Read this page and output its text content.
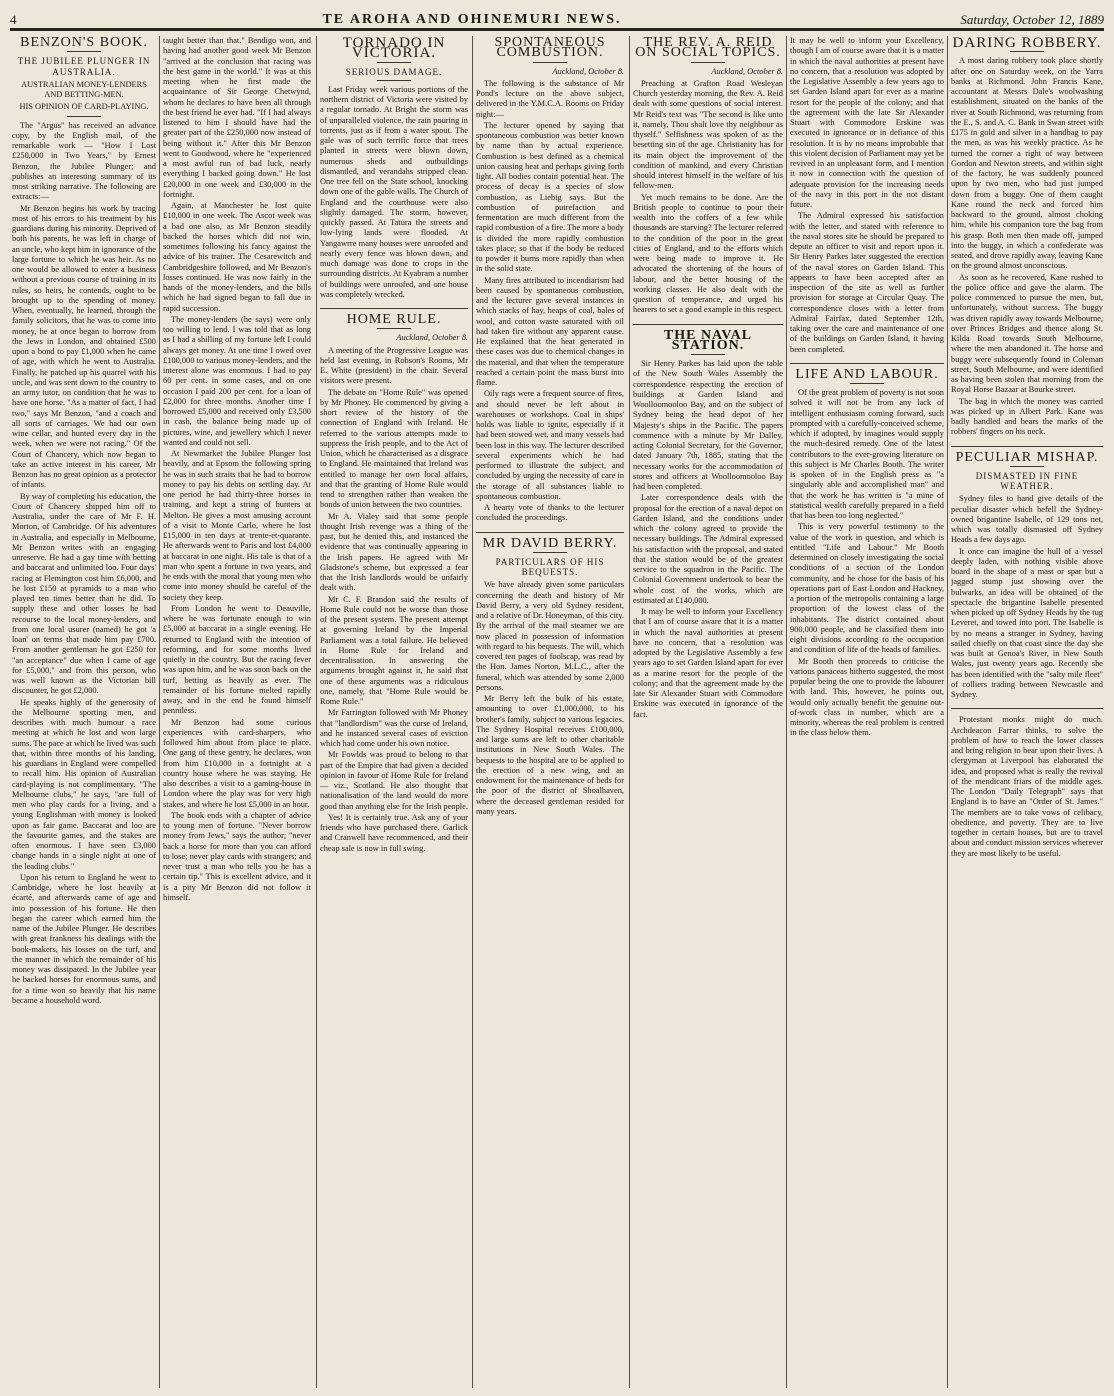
4	TE AROHA AND OHINEMURI NEWS.	Saturday, October 12, 1889
BENZON'S BOOK.
THE JUBILEE PLUNGER IN AUSTRALIA.
AUSTRALIAN MONEY-LENDERS AND BETTING-MEN.
HIS OPINION OF CARD-PLAYING.

The "Argus" has received an advance copy, by the English mail, of the remarkable work — "How I Lost £250,000 in Two Years," by Ernest Benzon, the Jubilee Plunger; and publishes an interesting summary of its most striking narrative. The following are extracts:—

Mr Benzon begins his work by tracing most of his errors to his treatment by his guardians during his minority. Deprived of both his parents, he was left in charge of an uncle, who kept him in ignorance of the large fortune to which he was heir. As no one would be allowed to enter a business without a previous course of training in its rules, so heirs, he contends, ought to be brought up to the spending of money. When, eventually, he learned, through the family solicitors, that he was to come into money, he at once began to borrow from the Jews in London, and obtained £500 upon a bond to pay £1,000 when he came of age, with which he went to Australia. Finally, he patched up his quarrel with his uncle, and was sent down to the country to an army tutor, on condition that he was to have one horse. "As a matter of fact, I had two," says Mr Benzon, "and a coach and all sorts of carriages. We had our own wine cellar, and hunted every day in the week, when we were not racing." Of the Court of Chancery, which now began to take an active interest in his career, Mr Benzon has no great opinion as a protector of infants.

By way of completing his education, the Court of Chancery shipped him off to Australia, under the care of Mr F. H. Morton, of Cambridge. Of his adventures in Australia, and especially in Melbourne, Mr Benzon writes with an engaging unreserve. He had a gay time with betting and baccarat and unlimited loo. Four days' racing at Flemington cost him £6,000, and he lost £150 at pyramids to a man who played ten times better than he did. To supply these and other losses he had recourse to the local money-lenders, and from one local usurer (named) he got 'a loan' on terms that made him pay £700. From another gentleman he got £250 for "an acceptance" due when I came of age for £5,000," and from this person, who was well known as the Victorian bill discounter, he got £2,000.

He speaks highly of the generosity of the Melbourne sporting men, and describes with much humour a race meeting at which he lost and won large sums. The pace at which he lived was such that, within three months of his landing, his guardians in England were compelled to recall him. His opinion of Australian card-playing is not complimentary. "The Melbourne clubs," he says, "are full of men who play cards for a living, and a young Englishman with money is looked upon as fair game. Baccarat and loo are the favourite games, and the stakes are often enormous. I have seen £3,000 change hands in a single night at one of the leading clubs."

Upon his return to England he went to Cambridge, where he lost heavily at écarté, and afterwards came of age and into possession of his fortune. He then began the career which earned him the name of the Jubilee Plunger. He describes with great frankness his dealings with the book-makers, his losses on the turf, and the manner in which the remainder of his money was dissipated. In the Jubilee year he backed horses for enormous sums, and for a time won so heavily that his name became a household word.

taught better than that." Bendigo won, and having had another good week Mr Benzon "arrived at the conclusion that racing was the best game in the world." It was at this meeting when he first made the acquaintance of Sir George Chetwynd, whom he declares to have been all through the best friend he ever had. "If I had always listened to him I should have had the greater part of the £250,000 now instead of being without it." After this Mr Benzon went to Goodwood, where he "experienced a most awful run of bad luck, nearly everything I backed going down." He lost £20,000 in one week and £30,000 in the fortnight.

Again, at Manchester he lost quite £10,000 in one week. The Ascot week was a bad one also, as Mr Benzon steadily backed the horses which did not win, sometimes following his fancy against the advice of his trainer. The Cesarewitch and Cambridgeshire followed, and Mr Benzon's losses continued. He was now fairly in the hands of the money-lenders, and the bills which he had signed began to fall due in rapid succession.

The money-lenders (he says) were only too willing to lend. I was told that as long as I had a shilling of my fortune left I could always get money. At one time I owed over £100,000 to various money-lenders, and the interest alone was enormous. I had to pay 60 per cent. in some cases, and on one occasion I paid 200 per cent. for a loan of £2,000 for three months. Another time I borrowed £5,000 and received only £3,500 in cash, the balance being made up of pictures, wine, and jewellery which I never wanted and could not sell.

At Newmarket the Jubilee Plunger lost heavily, and at Epsom the following spring he was in such straits that he had to borrow money to pay his debts on settling day. At one period he had thirty-three horses in training, and kept a string of hunters at Melton. He gives a most amusing account of a visit to Monte Carlo, where he lost £15,000 in ten days at trente-et-quarante. He afterwards went to Paris and lost £4,000 at baccarat in one night. His tale is that of a man who spent a fortune in two years, and he ends with the moral that young men who come into money should be careful of the society they keep.

From London he went to Deauville, where he was fortunate enough to win £5,000 at baccarat in a single evening. He returned to England with the intention of reforming, and for some months lived quietly in the country. But the racing fever was upon him, and he was soon back on the turf, betting as heavily as ever. The remainder of his fortune melted rapidly away, and in the end he found himself penniless.

Mr Benzon had some curious experiences with card-sharpers, who followed him about from place to place. One gang of these gentry, he declares, won from him £10,000 in a fortnight at a country house where he was staying. He also describes a visit to a gaming-house in London where the play was for very high stakes, and where he lost £5,000 in an hour.

The book ends with a chapter of advice to young men of fortune. "Never borrow money from Jews," says the author; "never back a horse for more than you can afford to lose; never play cards with strangers; and never trust a man who tells you he has a certain tip." This is excellent advice, and it is a pity Mr Benzon did not follow it himself.

TORNADO IN VICTORIA.
SERIOUS DAMAGE.

Last Friday week various portions of the northern district of Victoria were visited by a regular tornado. At Bright the storm was of unparalleled violence, the rain pouring in torrents, just as if from a water spout. The gale was of such terrific force that trees planted in streets were blown down, numerous sheds and outbuildings dismantled, and verandahs stripped clean. One tree fell on the State school, knocking down one of the gable walls. The Church of England and the courthouse were also slightly damaged. The storm, however, quickly passed. At Tatura the streets and low-lying lands were flooded. At Yangawrre many houses were unroofed and nearly every fence was blown down, and much damage was done to crops in the surrounding districts. At Kyabram a number of buildings were unroofed, and one house was completely wrecked.

HOME RULE.
Auckland, October 8.

A meeting of the Progressive League was held last evening, in Robson's Rooms, Mr E. White (president) in the chair. Several visitors were present.

The debate on "Home Rule" was opened by Mr Phoney. He commenced by giving a short review of the history of the connection of England with Ireland. He referred to the various attempts made to suppress the Irish people, and to the Act of Union, which he characterised as a disgrace to England. He maintained that Ireland was entitled to manage her own local affairs, and that the granting of Home Rule would tend to strengthen rather than weaken the bonds of union between the two countries.

Mr A. Vialey said that some people thought Irish revenge was a thing of the past, but he denied this, and instanced the evidence that was continually appearing in the Irish papers. He agreed with Mr Gladstone's scheme, but expressed a fear that the Irish landlords would be unfairly dealt with.

Mr C. F. Brandon said the results of Home Rule could not be worse than those of the present system. The present attempt at governing Ireland by the Imperial Parliament was a total failure. He believed in Home Rule for Ireland and decentralisation. In answering the arguments brought against it, he said that one of these arguments was a ridiculous one, namely, that "Home Rule would be Rome Rule."

Mr Farrington followed with Mr Phoney that "landlordism" was the curse of Ireland, and he instanced several cases of eviction which had come under his own notice.

Mr Fowlds was proud to belong to that part of the Empire that had given a decided opinion in favour of Home Rule for Ireland — viz., Scotland. He also thought that nationalisation of the land would do more good than anything else for the Irish people.

Yes! It is certainly true. Ask any of your friends who have purchased there. Garlick and Cranwell have recommenced, and their cheap sale is now in full swing.

SPONTANEOUS COMBUSTION.
Auckland, October 8.

The following is the substance of Mr Pond's lecture on the above subject, delivered in the Y.M.C.A. Rooms on Friday night:—

The lecturer opened by saying that spontaneous combustion was better known by name than by actual experience. Combustion is best defined as a chemical union causing heat and perhaps giving forth light. All bodies contain potential heat. The process of decay is a species of slow combustion, as Liebig says. But the combustion of putrefaction and fermentation are much different from the rapid combustion of a fire. The more a body is divided the more rapidly combustion takes place; so that if the body be reduced to powder it burns more rapidly than when in the solid state.

Many fires attributed to incendiarism had been caused by spontaneous combustion, and the lecturer gave several instances in which stacks of hay, heaps of coal, bales of wool, and cotton waste saturated with oil had taken fire without any apparent cause. He explained that the heat generated in these cases was due to chemical changes in the material, and that when the temperature reached a certain point the mass burst into flame.

Oily rags were a frequent source of fires, and should never be left about in warehouses or workshops. Coal in ships' holds was liable to ignite, especially if it had been stowed wet, and many vessels had been lost in this way. The lecturer described several experiments which he had performed to illustrate the subject, and concluded by urging the necessity of care in the storage of all substances liable to spontaneous combustion.

A hearty vote of thanks to the lecturer concluded the proceedings.

MR DAVID BERRY.
PARTICULARS OF HIS BEQUESTS.

We have already given some particulars concerning the death and history of Mr David Berry, a very old Sydney resident, and a relative of Dr. Honeyman, of this city. By the arrival of the mail steamer we are now placed in possession of information with regard to his bequests. The will, which covered ten pages of foolscap, was read by the Hon. James Norton, M.L.C., after the funeral, which was attended by some 2,000 persons.

Mr Berry left the bulk of his estate, amounting to over £1,000,000, to his brother's family, subject to various legacies. The Sydney Hospital receives £100,000, and large sums are left to other charitable institutions in New South Wales. The bequests to the hospital are to be applied to the erection of a new wing, and an endowment for the maintenance of beds for the poor of the district of Shoalhaven, where the deceased gentleman resided for many years.

THE REV. A. REID ON SOCIAL TOPICS.
Auckland, October 8.

Preaching at Grafton Road Wesleyan Church yesterday morning, the Rev. A. Reid dealt with some questions of social interest. Mr Reid's text was "The second is like unto it, namely, Thou shalt love thy neighbour as thyself." Selfishness was spoken of as the besetting sin of the age. Christianity has for its main object the improvement of the condition of mankind, and every Christian should interest himself in the welfare of his fellow-men.

Yet much remains to be done. Are the British people to continue to pour their wealth into the coffers of a few while thousands are starving? The lecturer referred to the condition of the poor in the great cities of England, and to the efforts which were being made to improve it. He advocated the shortening of the hours of labour, and the better housing of the working classes. He also dealt with the question of temperance, and urged his hearers to set a good example in this respect.

THE NAVAL STATION.

Sir Henry Parkes has laid upon the table of the New South Wales Assembly the correspondence respecting the erection of buildings at Garden Island and Woolloomooloo Bay, and on the subject of Sydney being the head depot of her Majesty's ships in the Pacific. The papers commence with a minute by Mr Dalley, acting Colonial Secretary, for the Governor, dated January 7th, 1885, stating that the necessary works for the accommodation of stores and officers at Woolloomooloo Bay had been completed.

Later correspondence deals with the proposal for the erection of a naval depot on Garden Island, and the conditions under which the colony agreed to provide the necessary buildings. The Admiral expressed his satisfaction with the proposal, and stated that the station would be of the greatest service to the squadron in the Pacific. The Colonial Government undertook to bear the whole cost of the works, which are estimated at £140,000.

It may be well to inform your Excellency that I am of course aware that it is a matter in which the naval authorities at present have no concern, that a resolution was adopted by the Legislative Assembly a few years ago to set Garden Island apart for ever as a marine resort for the people of the colony; and that the agreement made by the late Sir Alexander Stuart with Commodore Erskine was executed in ignorance of the fact.

It may be well to inform your Excellency, though I am of course aware that it is a matter in which the naval authorities at present have no concern, that a resolution was adopted by the Legislative Assembly a few years ago to set Garden Island apart for ever as a marine resort for the people of the colony; and that the agreement with the late Sir Alexander Stuart with Commodore Erskine was executed in ignorance or in defiance of this resolution. It is by no means improbable that this violent decision of Parliament may yet be revived in an unpleasant form, and I mention it now in connection with the question of adequate provision for the increasing needs of the navy in this port in the not distant future.

The Admiral expressed his satisfaction with the letter, and stated with reference to the naval stores site he should be prepared to depute an officer to visit and report upon it. Sir Henry Parkes later suggested the erection of the naval stores on Garden Island. This appears to have been accepted after an inspection of the site as well as further provision for storage at Circular Quay. The correspondence closes with a letter from Admiral Fairfax, dated September 12th, taking over the care and maintenance of one of the buildings on Garden Island, it having been completed.

LIFE AND LABOUR.

Of the great problem of poverty is not soon solved it will not be from any lack of intelligent enthusiasm coming forward, such prompted with a carefully-conceived scheme, which if adopted, by imagines would supply the much-desired remedy. One of the latest contributors to the ever-growing literature on this subject is Mr Charles Booth. The writer is spoken of in the English press as "a singularly able and accomplished man" and that the work he has written is "a mine of statistical wealth carefully prepared in a field that has been too long neglected."

This is very powerful testimony to the value of the work in question, and which is entitled "Life and Labour." Mr Booth determined on closely investigating the social conditions of a section of the London community, and he chose for the basis of his operations part of East London and Hackney, a portion of the metropolis containing a large proportion of the lowest class of the inhabitants. The district contained about 900,000 people, and he classified them into eight divisions according to the occupation and condition of life of the heads of families.

Mr Booth then proceeds to criticise the various panaceas hitherto suggested, the most popular being the one to provide the labourer with land. This, however, he points out, would only actually benefit the genuine out-of-work class in number, which are a minority, whereas the real problem is centred in the class below them.

DARING ROBBERY.

A most daring robbery took place shortly after one on Saturday week, on the Yarra banks at Richmond. John Francis Kane, accountant at Messrs Dale's woolwashing establishment, situated on the banks of the river at South Richmond, was returning from the E., S. and A. C. Bank in Swan street with £175 in gold and silver in a handbag to pay the men, as was his weekly practice. As he turned the corner a right of way between Gordon and Newton streets, and within sight of the factory, he was suddenly pounced upon by two men, who had just jumped down from a buggy. One of them caught Kane round the neck and forced him backward to the ground, almost choking him, while his companion tore the bag from his grasp. Both men then made off, jumped into the buggy, in which a confederate was seated, and drove rapidly away, leaving Kane on the ground almost unconscious.

As soon as he recovered, Kane rushed to the police office and gave the alarm. The police commenced to pursue the men, but, unfortunately, without success. The buggy was driven rapidly away towards Melbourne, over Princes Bridges and thence along St. Kilda Road towards South Melbourne, where the men abandoned it. The horse and buggy were subsequently found in Coleman street, South Melbourne, and were identified as having been stolen that morning from the Royal Horse Bazaar at Bourke street.

The bag in which the money was carried was picked up in Albert Park. Kane was badly handled and bears the marks of the robbers' fingers on his neck.

PECULIAR MISHAP.
DISMASTED IN FINE WEATHER.

Sydney files to hand give details of the peculiar disaster which befell the Sydney-owned brigantine Isabelle, of 129 tons net, which was totally dismasted off Sydney Heads a few days ago.

It once can imagine the hull of a vessel deeply laden, with nothing visible above board in the shape of a mast or spar but a jagged stump just showing over the bulwarks, an idea will be obtained of the spectacle the brigantine Isabelle presented when picked up off Sydney Heads by the tug Leveret, and towed into port. The Isabelle is by no means a stranger in Sydney, having sailed chiefly on that coast since the day she was built at Genoa's River, in New South Wales, just twenty years ago. Recently she has been identified with the "salty mile fleet" of colliers trading between Newcastle and Sydney.

Protestant monks might do much. Archdeacon Farrar thinks, to solve the problem of how to reach the lower classes and bring religion to bear upon their lives. A clergyman at Liverpool has elaborated the idea, and proposed what is really the revival of the mendicant friars of the middle ages. The London "Daily Telegraph" says that England is to have an "Order of St. James." The members are to take vows of celibacy, obedience, and poverty. They are to live together in certain houses, but are to travel about and conduct mission services wherever they are most likely to be useful.
